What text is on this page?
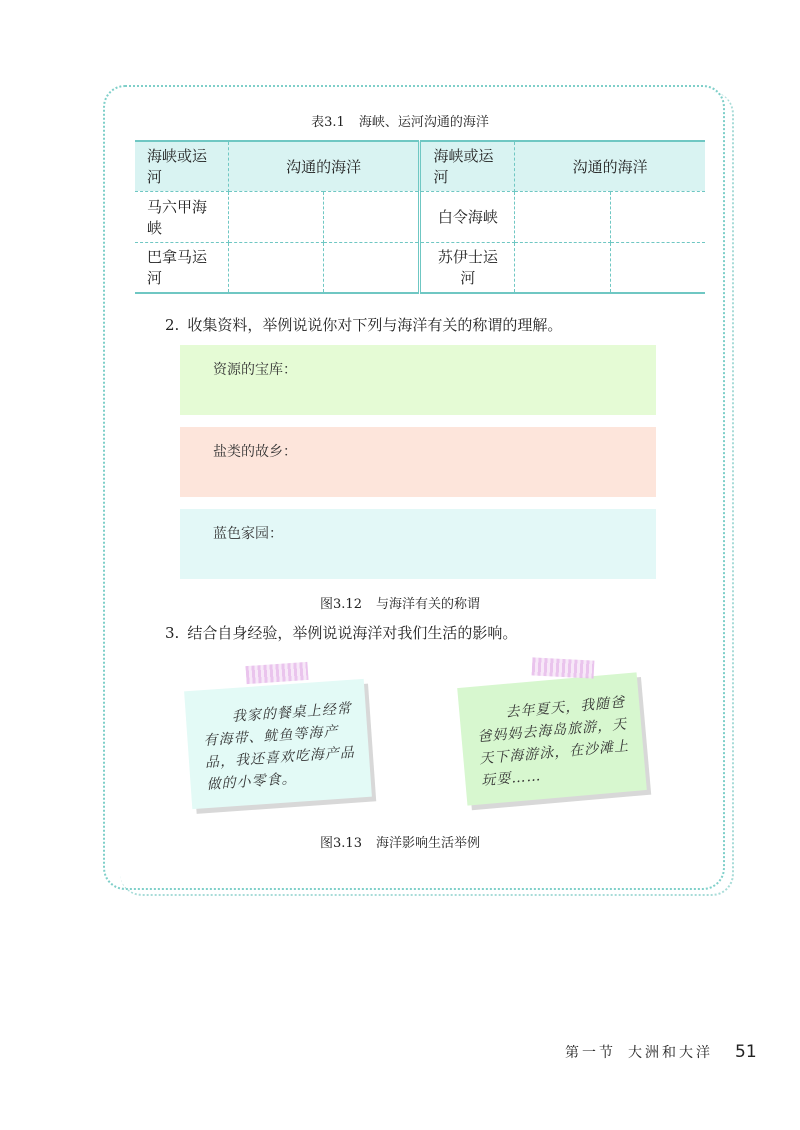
表3.1 海峡、运河沟通的海洋
海峡或运河	沟通的海洋		海峡或运河	沟通的海洋	
马六甲海峡			白令海峡		
巴拿马运河			苏伊士运河		
2. 收集资料，举例说说你对下列与海洋有关的称谓的理解。
资源的宝库：
盐类的故乡：
蓝色家园：
图3.12 与海洋有关的称谓
3. 结合自身经验，举例说说海洋对我们生活的影响。
　　我家的餐桌上经常有海带、鱿鱼等海产品，我还喜欢吃海产品做的小零食。
　　去年夏天，我随爸爸妈妈去海岛旅游，天天下海游泳，在沙滩上玩耍……
图3.13 海洋影响生活举例
第一节 大洲和大洋 51
